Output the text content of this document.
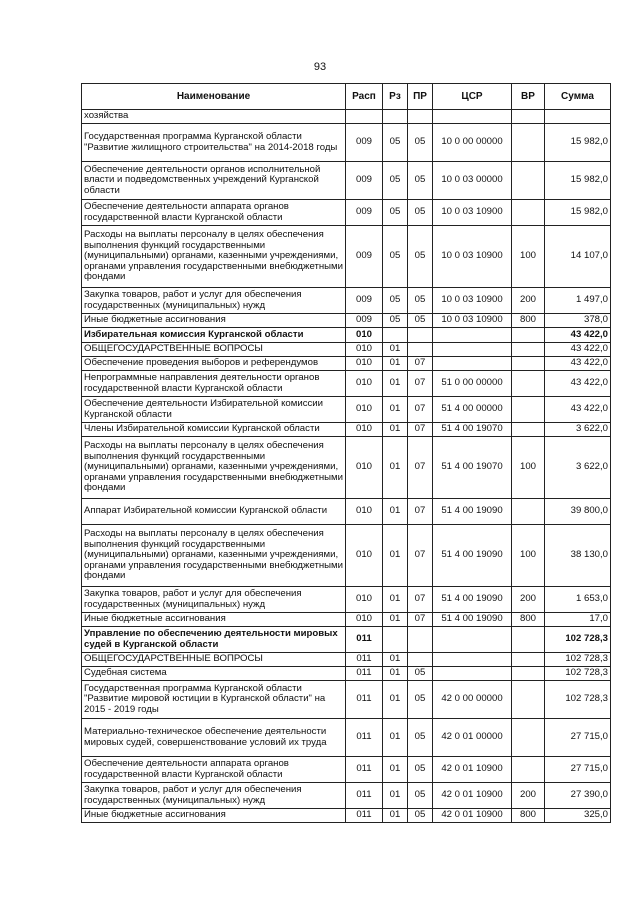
93
Наименование	Расп	Рз	ПР	ЦСР	ВР	Сумма
хозяйства						
Государственная программа Курганской области "Развитие жилищного строительства" на 2014-2018 годы	009	05	05	10 0 00 00000		15 982,0
Обеспечение деятельности органов исполнительной власти и подведомственных учреждений Курганской области	009	05	05	10 0 03 00000		15 982,0
Обеспечение деятельности аппарата органов государственной власти Курганской области	009	05	05	10 0 03 10900		15 982,0
Расходы на выплаты персоналу в целях обеспечения выполнения функций государственными (муниципальными) органами, казенными учреждениями, органами управления государственными внебюджетными фондами	009	05	05	10 0 03 10900	100	14 107,0
Закупка товаров, работ и услуг для обеспечения государственных (муниципальных) нужд	009	05	05	10 0 03 10900	200	1 497,0
Иные бюджетные ассигнования	009	05	05	10 0 03 10900	800	378,0
Избирательная комиссия Курганской области	010					43 422,0
ОБЩЕГОСУДАРСТВЕННЫЕ ВОПРОСЫ	010	01				43 422,0
Обеспечение проведения выборов и референдумов	010	01	07			43 422,0
Непрограммные направления деятельности органов государственной власти Курганской области	010	01	07	51 0 00 00000		43 422,0
Обеспечение деятельности Избирательной комиссии Курганской области	010	01	07	51 4 00 00000		43 422,0
Члены Избирательной комиссии Курганской области	010	01	07	51 4 00 19070		3 622,0
Расходы на выплаты персоналу в целях обеспечения выполнения функций государственными (муниципальными) органами, казенными учреждениями, органами управления государственными внебюджетными фондами	010	01	07	51 4 00 19070	100	3 622,0
Аппарат Избирательной комиссии Курганской области	010	01	07	51 4 00 19090		39 800,0
Расходы на выплаты персоналу в целях обеспечения выполнения функций государственными (муниципальными) органами, казенными учреждениями, органами управления государственными внебюджетными фондами	010	01	07	51 4 00 19090	100	38 130,0
Закупка товаров, работ и услуг для обеспечения государственных (муниципальных) нужд	010	01	07	51 4 00 19090	200	1 653,0
Иные бюджетные ассигнования	010	01	07	51 4 00 19090	800	17,0
Управление по обеспечению деятельности мировых судей в Курганской области	011					102 728,3
ОБЩЕГОСУДАРСТВЕННЫЕ ВОПРОСЫ	011	01				102 728,3
Судебная система	011	01	05			102 728,3
Государственная программа Курганской области "Развитие мировой юстиции в Курганской области" на 2015 - 2019 годы	011	01	05	42 0 00 00000		102 728,3
Материально-техническое обеспечение деятельности мировых судей, совершенствование условий их труда	011	01	05	42 0 01 00000		27 715,0
Обеспечение деятельности аппарата органов государственной власти Курганской области	011	01	05	42 0 01 10900		27 715,0
Закупка товаров, работ и услуг для обеспечения государственных (муниципальных) нужд	011	01	05	42 0 01 10900	200	27 390,0
Иные бюджетные ассигнования	011	01	05	42 0 01 10900	800	325,0
